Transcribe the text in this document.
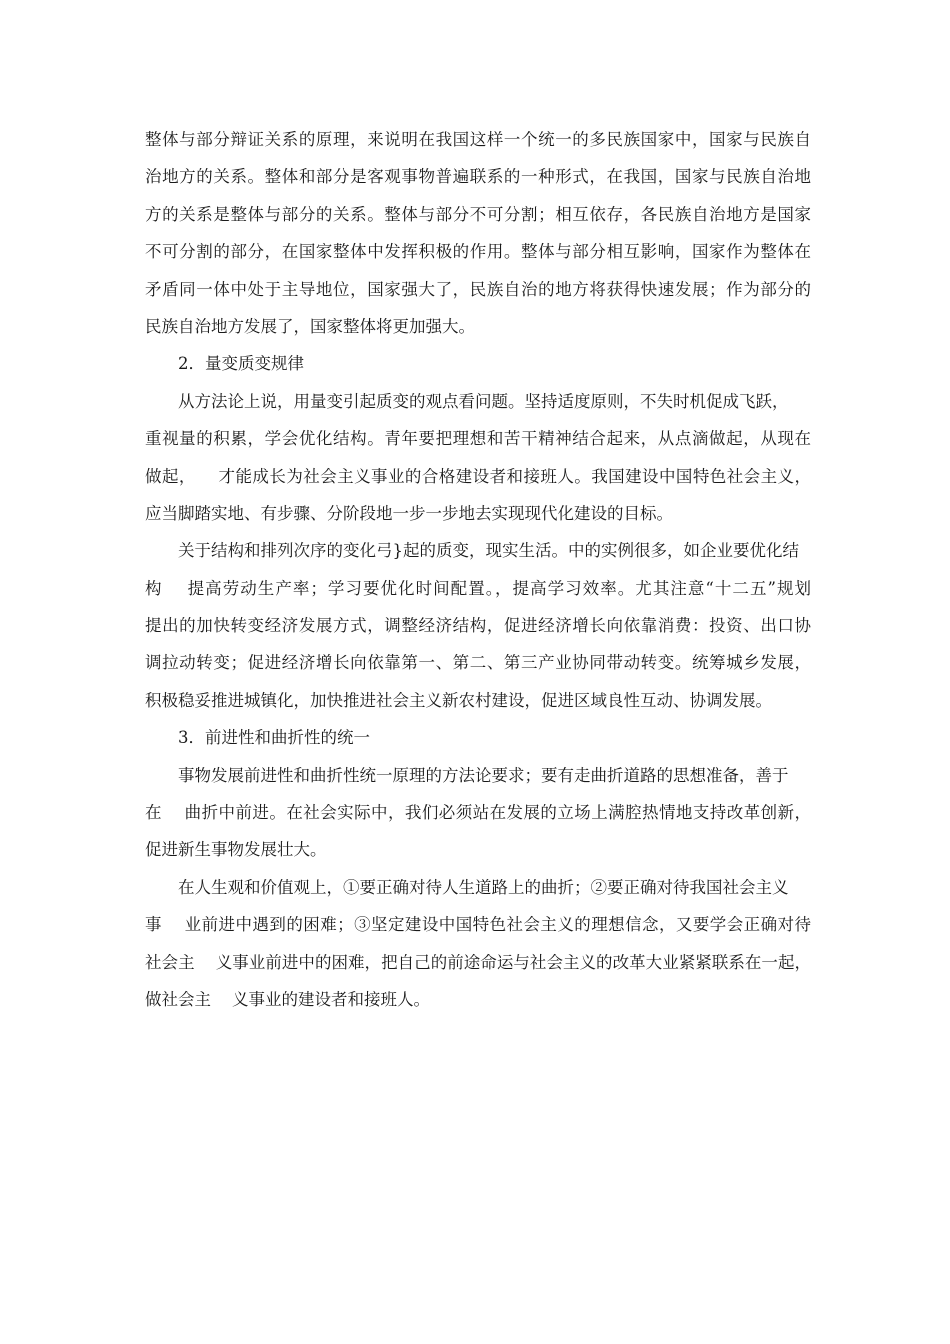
整体与部分辩证关系的原理，来说明在我国这样一个统一的多民族国家中，国家与民族自
治地方的关系。整体和部分是客观事物普遍联系的一种形式，在我国，国家与民族自治地
方的关系是整体与部分的关系。整体与部分不可分割；相互依存，各民族自治地方是国家
不可分割的部分，在国家整体中发挥积极的作用。整体与部分相互影响，国家作为整体在
矛盾同一体中处于主导地位，国家强大了，民族自治的地方将获得快速发展；作为部分的
民族自治地方发展了，国家整体将更加强大。
2．量变质变规律
从方法论上说，用量变引起质变的观点看问题。坚持适度原则，不失时机促成飞跃，
重视量的积累，学会优化结构。青年要把理想和苦干精神结合起来，从点滴做起，从现在
做起，    才能成长为社会主义事业的合格建设者和接班人。我国建设中国特色社会主义，
应当脚踏实地、有步骤、分阶段地一步一步地去实现现代化建设的目标。
关于结构和排列次序的变化弓}起的质变，现实生活。中的实例很多，如企业要优化结
构    提高劳动生产率；学习要优化时间配置。，提高学习效率。尤其注意“十二五”规划
提出的加快转变经济发展方式，调整经济结构，促进经济增长向依靠消费：投资、出口协
调拉动转变；促进经济增长向依靠第一、第二、第三产业协同带动转变。统筹城乡发展，
积极稳妥推进城镇化，加快推进社会主义新农村建设，促进区域良性互动、协调发展。
3．前进性和曲折性的统一
事物发展前进性和曲折性统一原理的方法论要求；要有走曲折道路的思想准备，善于
在    曲折中前进。在社会实际中，我们必须站在发展的立场上满腔热情地支持改革创新，
促进新生事物发展壮大。
在人生观和价值观上，①要正确对待人生道路上的曲折；②要正确对待我国社会主义
事    业前进中遇到的困难；③坚定建设中国特色社会主义的理想信念，又要学会正确对待
社会主    义事业前进中的困难，把自己的前途命运与社会主义的改革大业紧紧联系在一起，
做社会主    义事业的建设者和接班人。
